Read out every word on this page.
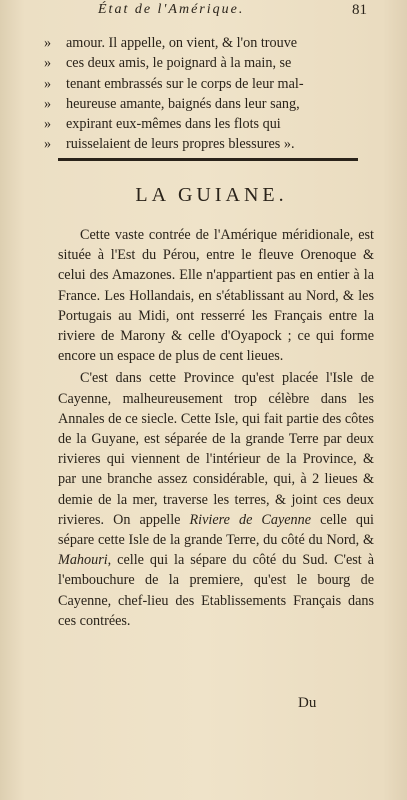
État de l'Amérique.	81
» amour. Il appelle, on vient, & l'on trouve
» ces deux amis, le poignard à la main, se
» tenant embrassés sur le corps de leur mal-
» heureuse amante, baignés dans leur sang,
» expirant eux-mêmes dans les flots qui
» ruisselaient de leurs propres blessures ».
LA GUIANE.

Cette vaste contrée de l'Amérique méridionale, est située à l'Est du Pérou, entre le fleuve Orenoque & celui des Amazones. Elle n'appartient pas en entier à la France. Les Hollandais, en s'établissant au Nord, & les Portugais au Midi, ont resserré les Français entre la riviere de Marony & celle d'Oyapock ; ce qui forme encore un espace de plus de cent lieues.

C'est dans cette Province qu'est placée l'Isle de Cayenne, malheureusement trop célèbre dans les Annales de ce siecle. Cette Isle, qui fait partie des côtes de la Guyane, est séparée de la grande Terre par deux rivieres qui viennent de l'intérieur de la Province, & par une branche assez considérable, qui, à 2 lieues & demie de la mer, traverse les terres, & joint ces deux rivieres. On appelle Riviere de Cayenne celle qui sépare cette Isle de la grande Terre, du côté du Nord, & Mahouri, celle qui la sépare du côté du Sud. C'est à l'embouchure de la premiere, qu'est le bourg de Cayenne, chef-lieu des Etablissements Français dans ces contrées.

Du
